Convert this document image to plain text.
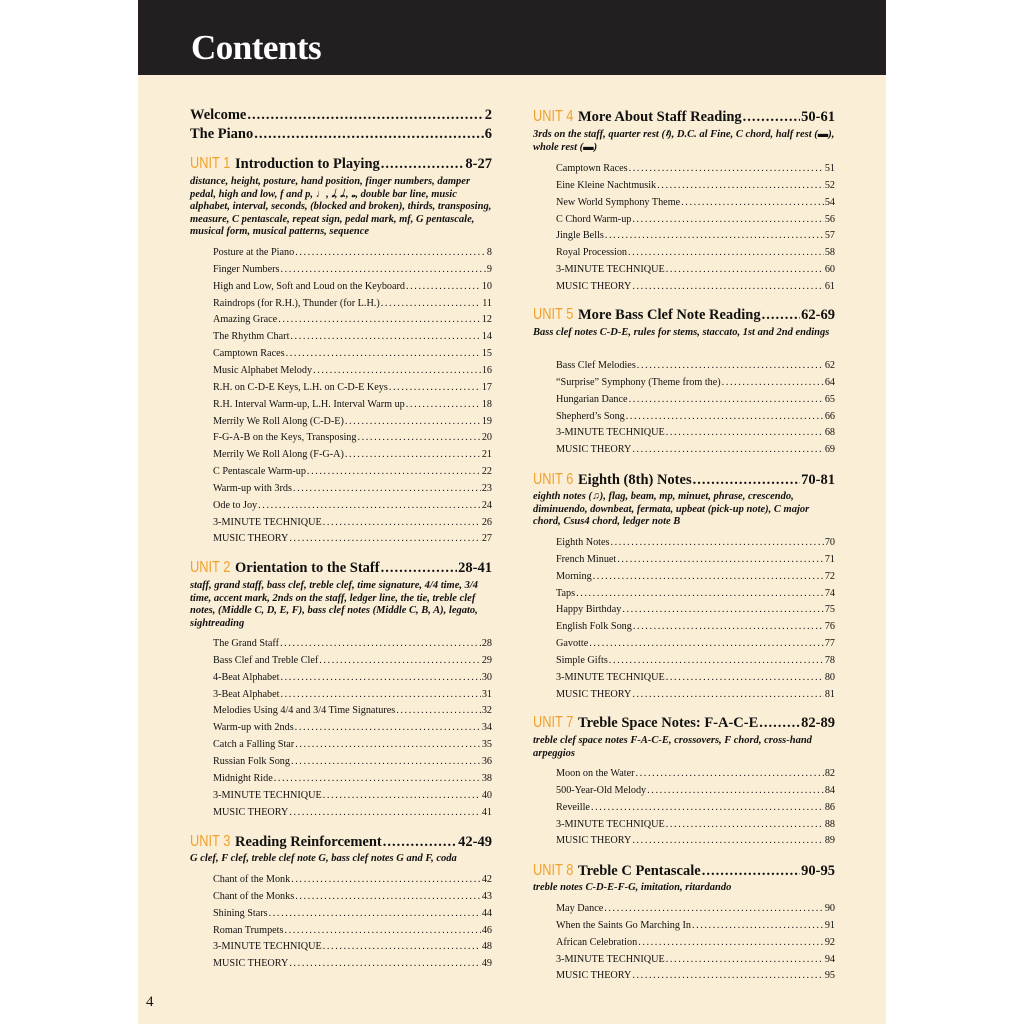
Contents
Welcome .....	2
The Piano .....	6
UNIT 1 Introduction to Playing .....	8-27
distance, height, posture, hand position, finger numbers, damper pedal, high and low, f and p, ♩, 𝅗𝅥, 𝅗𝅥., 𝅝, double bar line, music alphabet, interval, seconds, (blocked and broken), thirds, transposing, measure, C pentascale, repeat sign, pedal mark, mf, G pentascale, musical form, musical patterns, sequence
Posture at the Piano .....	8
Finger Numbers .....	9
High and Low, Soft and Loud on the Keyboard .....	10
Raindrops (for R.H.), Thunder (for L.H.) .....	11
Amazing Grace .....	12
The Rhythm Chart .....	14
Camptown Races .....	15
Music Alphabet Melody .....	16
R.H. on C-D-E Keys, L.H. on C-D-E Keys .....	17
R.H. Interval Warm-up, L.H. Interval Warm up .....	18
Merrily We Roll Along (C-D-E) .....	19
F-G-A-B on the Keys, Transposing .....	20
Merrily We Roll Along (F-G-A) .....	21
C Pentascale Warm-up .....	22
Warm-up with 3rds .....	23
Ode to Joy .....	24
3-MINUTE TECHNIQUE .....	26
MUSIC THEORY .....	27
UNIT 2 Orientation to the Staff .....	28-41
staff, grand staff, bass clef, treble clef, time signature, 4/4 time, 3/4 time, accent mark, 2nds on the staff, ledger line, the tie, treble clef notes, (Middle C, D, E, F), bass clef notes (Middle C, B, A), legato, sightreading
The Grand Staff .....	28
Bass Clef and Treble Clef .....	29
4-Beat Alphabet .....	30
3-Beat Alphabet .....	31
Melodies Using 4/4 and 3/4 Time Signatures .....	32
Warm-up with 2nds .....	34
Catch a Falling Star .....	35
Russian Folk Song .....	36
Midnight Ride .....	38
3-MINUTE TECHNIQUE .....	40
MUSIC THEORY .....	41
UNIT 3 Reading Reinforcement .....	42-49
G clef, F clef, treble clef note G, bass clef notes G and F, coda
Chant of the Monk .....	42
Chant of the Monks .....	43
Shining Stars .....	44
Roman Trumpets .....	46
3-MINUTE TECHNIQUE .....	48
MUSIC THEORY .....	49
UNIT 4 More About Staff Reading .....	50-61
3rds on the staff, quarter rest (𝄽), D.C. al Fine, C chord, half rest (▬), whole rest (▬)
Camptown Races .....	51
Eine Kleine Nachtmusik .....	52
New World Symphony Theme .....	54
C Chord Warm-up .....	56
Jingle Bells .....	57
Royal Procession .....	58
3-MINUTE TECHNIQUE .....	60
MUSIC THEORY .....	61
UNIT 5 More Bass Clef Note Reading .....	62-69
Bass clef notes C-D-E, rules for stems, staccato, 1st and 2nd endings
Bass Clef Melodies .....	62
“Surprise” Symphony (Theme from the) .....	64
Hungarian Dance .....	65
Shepherd’s Song .....	66
3-MINUTE TECHNIQUE .....	68
MUSIC THEORY .....	69
UNIT 6 Eighth (8th) Notes .....	70-81
eighth notes (♫), flag, beam, mp, minuet, phrase, crescendo, diminuendo, downbeat, fermata, upbeat (pick-up note), C major chord, Csus4 chord, ledger note B
Eighth Notes .....	70
French Minuet .....	71
Morning .....	72
Taps .....	74
Happy Birthday .....	75
English Folk Song .....	76
Gavotte .....	77
Simple Gifts .....	78
3-MINUTE TECHNIQUE .....	80
MUSIC THEORY .....	81
UNIT 7 Treble Space Notes: F-A-C-E .....	82-89
treble clef space notes F-A-C-E, crossovers, F chord, cross-hand arpeggios
Moon on the Water .....	82
500-Year-Old Melody .....	84
Reveille .....	86
3-MINUTE TECHNIQUE .....	88
MUSIC THEORY .....	89
UNIT 8 Treble C Pentascale .....	90-95
treble notes C-D-E-F-G, imitation, ritardando
May Dance .....	90
When the Saints Go Marching In .....	91
African Celebration .....	92
3-MINUTE TECHNIQUE .....	94
MUSIC THEORY .....	95
4
